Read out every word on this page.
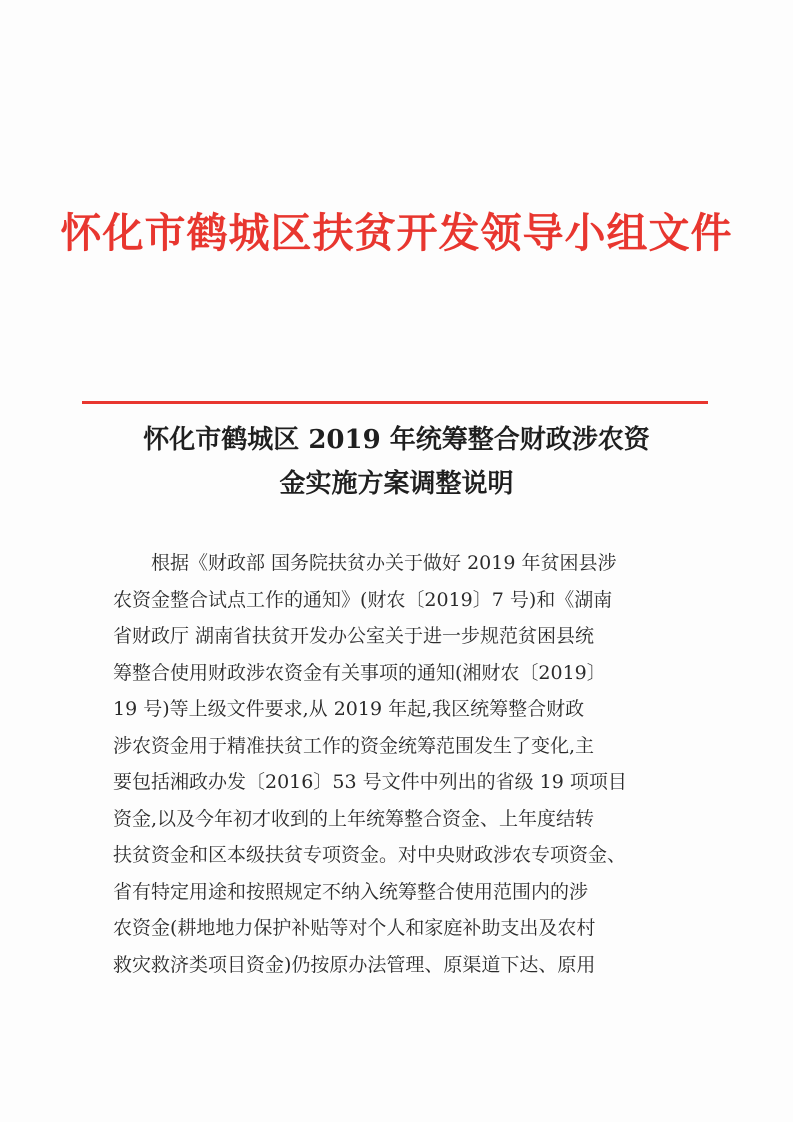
怀化市鹤城区扶贫开发领导小组文件
怀化市鹤城区 2019 年统筹整合财政涉农资
金实施方案调整说明
根据《财政部 国务院扶贫办关于做好 2019 年贫困县涉
农资金整合试点工作的通知》(财农〔2019〕7 号)和《湖南
省财政厅 湖南省扶贫开发办公室关于进一步规范贫困县统
筹整合使用财政涉农资金有关事项的通知(湘财农〔2019〕
19 号)等上级文件要求,从 2019 年起,我区统筹整合财政
涉农资金用于精准扶贫工作的资金统筹范围发生了变化,主
要包括湘政办发〔2016〕53 号文件中列出的省级 19 项项目
资金,以及今年初才收到的上年统筹整合资金、上年度结转
扶贫资金和区本级扶贫专项资金。对中央财政涉农专项资金、
省有特定用途和按照规定不纳入统筹整合使用范围内的涉
农资金(耕地地力保护补贴等对个人和家庭补助支出及农村
救灾救济类项目资金)仍按原办法管理、原渠道下达、原用
